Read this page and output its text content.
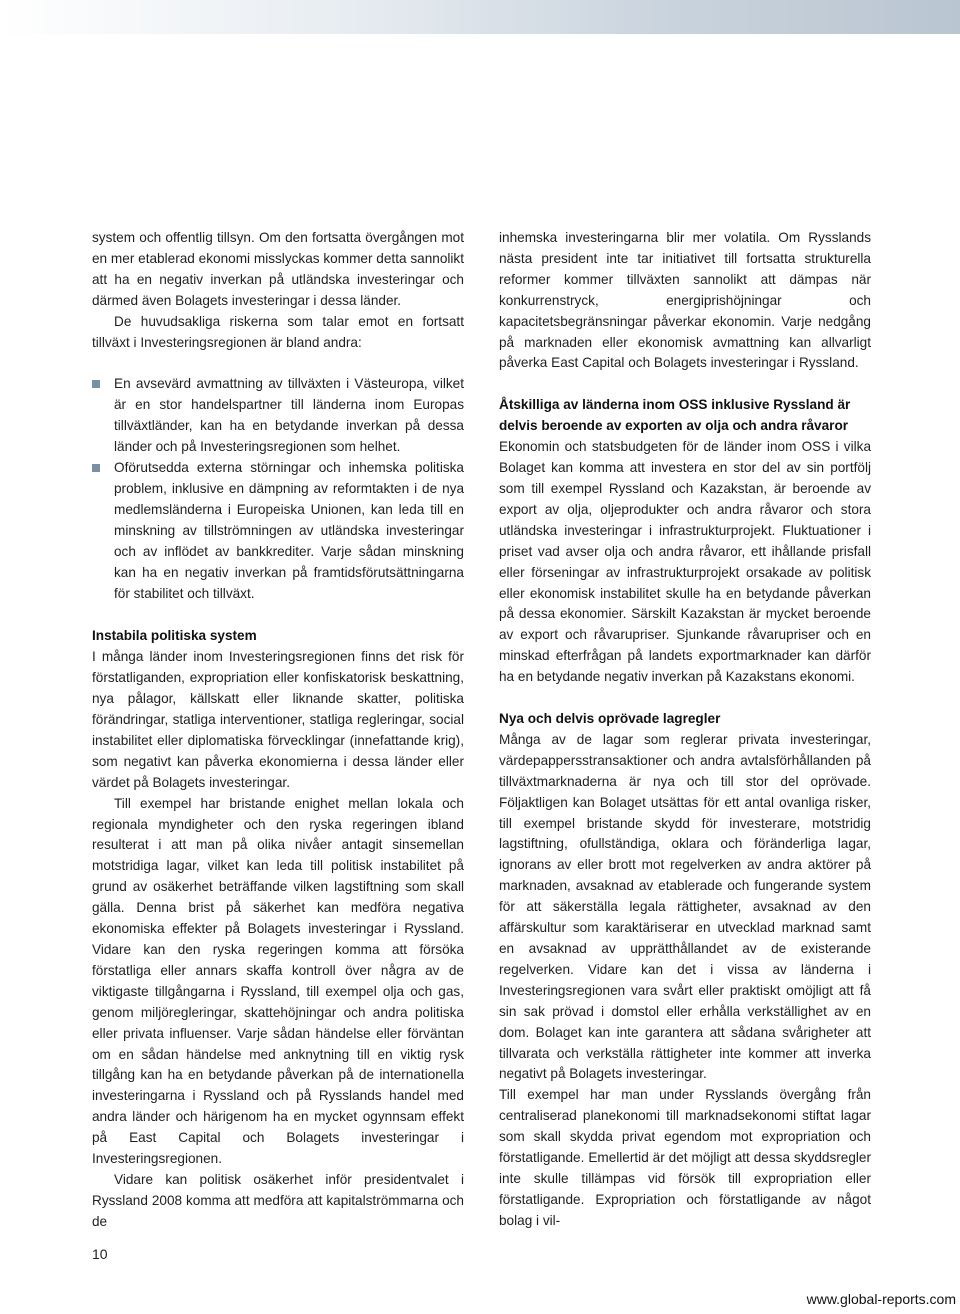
system och offentlig tillsyn. Om den fortsatta övergången mot en mer etablerad ekonomi misslyckas kommer detta sannolikt att ha en negativ inverkan på utländska investeringar och därmed även Bolagets investeringar i dessa länder.

De huvudsakliga riskerna som talar emot en fortsatt tillväxt i Investeringsregionen är bland andra:

En avsevärd avmattning av tillväxten i Västeuropa, vilket är en stor handelspartner till länderna inom Europas tillväxtländer, kan ha en betydande inverkan på dessa länder och på Investeringsregionen som helhet.
Oförutsedda externa störningar och inhemska politiska problem, inklusive en dämpning av reformtakten i de nya medlemsländerna i Europeiska Unionen, kan leda till en minskning av tillströmningen av utländska investeringar och av inflödet av bankkrediter. Varje sådan minskning kan ha en negativ inverkan på framtidsförutsättningarna för stabilitet och tillväxt.
Instabila politiska system

I många länder inom Investeringsregionen finns det risk för förstatliganden, expropriation eller konfiskatorisk beskattning, nya pålagor, källskatt eller liknande skatter, politiska förändringar, statliga interventioner, statliga regleringar, social instabilitet eller diplomatiska förvecklingar (innefattande krig), som negativt kan påverka ekonomierna i dessa länder eller värdet på Bolagets investeringar.

Till exempel har bristande enighet mellan lokala och regionala myndigheter och den ryska regeringen ibland resulterat i att man på olika nivåer antagit sinsemellan motstridiga lagar, vilket kan leda till politisk instabilitet på grund av osäkerhet beträffande vilken lagstiftning som skall gälla. Denna brist på säkerhet kan medföra negativa ekonomiska effekter på Bolagets investeringar i Ryssland. Vidare kan den ryska regeringen komma att försöka förstatliga eller annars skaffa kontroll över några av de viktigaste tillgångarna i Ryssland, till exempel olja och gas, genom miljöregleringar, skattehöjningar och andra politiska eller privata influenser. Varje sådan händelse eller förväntan om en sådan händelse med anknytning till en viktig rysk tillgång kan ha en betydande påverkan på de internationella investeringarna i Ryssland och på Rysslands handel med andra länder och härigenom ha en mycket ogynnsam effekt på East Capital och Bolagets investeringar i Investeringsregionen.

Vidare kan politisk osäkerhet inför presidentvalet i Ryssland 2008 komma att medföra att kapitalströmmarna och de

inhemska investeringarna blir mer volatila. Om Rysslands nästa president inte tar initiativet till fortsatta strukturella reformer kommer tillväxten sannolikt att dämpas när konkurrenstryck, energiprishöjningar och kapacitetsbegränsningar påverkar ekonomin. Varje nedgång på marknaden eller ekonomisk avmattning kan allvarligt påverka East Capital och Bolagets investeringar i Ryssland.

Åtskilliga av länderna inom OSS inklusive Ryssland är delvis beroende av exporten av olja och andra råvaror

Ekonomin och statsbudgeten för de länder inom OSS i vilka Bolaget kan komma att investera en stor del av sin portfölj som till exempel Ryssland och Kazakstan, är beroende av export av olja, oljeprodukter och andra råvaror och stora utländska investeringar i infrastrukturprojekt. Fluktuationer i priset vad avser olja och andra råvaror, ett ihållande prisfall eller förseningar av infrastrukturprojekt orsakade av politisk eller ekonomisk instabilitet skulle ha en betydande påverkan på dessa ekonomier. Särskilt Kazakstan är mycket beroende av export och råvarupriser. Sjunkande råvarupriser och en minskad efterfrågan på landets exportmarknader kan därför ha en betydande negativ inverkan på Kazakstans ekonomi.

Nya och delvis oprövade lagregler

Många av de lagar som reglerar privata investeringar, värdepappersstransaktioner och andra avtalsförhållanden på tillväxtmarknaderna är nya och till stor del oprövade. Följaktligen kan Bolaget utsättas för ett antal ovanliga risker, till exempel bristande skydd för investerare, motstridig lagstiftning, ofullständiga, oklara och föränderliga lagar, ignorans av eller brott mot regelverken av andra aktörer på marknaden, avsaknad av etablerade och fungerande system för att säkerställa legala rättigheter, avsaknad av den affärskultur som karaktäriserar en utvecklad marknad samt en avsaknad av upprätthållandet av de existerande regelverken. Vidare kan det i vissa av länderna i Investeringsregionen vara svårt eller praktiskt omöjligt att få sin sak prövad i domstol eller erhålla verkställighet av en dom. Bolaget kan inte garantera att sådana svårigheter att tillvarata och verkställa rättigheter inte kommer att inverka negativt på Bolagets investeringar.

Till exempel har man under Rysslands övergång från centraliserad planekonomi till marknadsekonomi stiftat lagar som skall skydda privat egendom mot expropriation och förstatligande. Emellertid är det möjligt att dessa skyddsregler inte skulle tillämpas vid försök till expropriation eller förstatligande. Expropriation och förstatligande av något bolag i vil-

10
www.global-reports.com
